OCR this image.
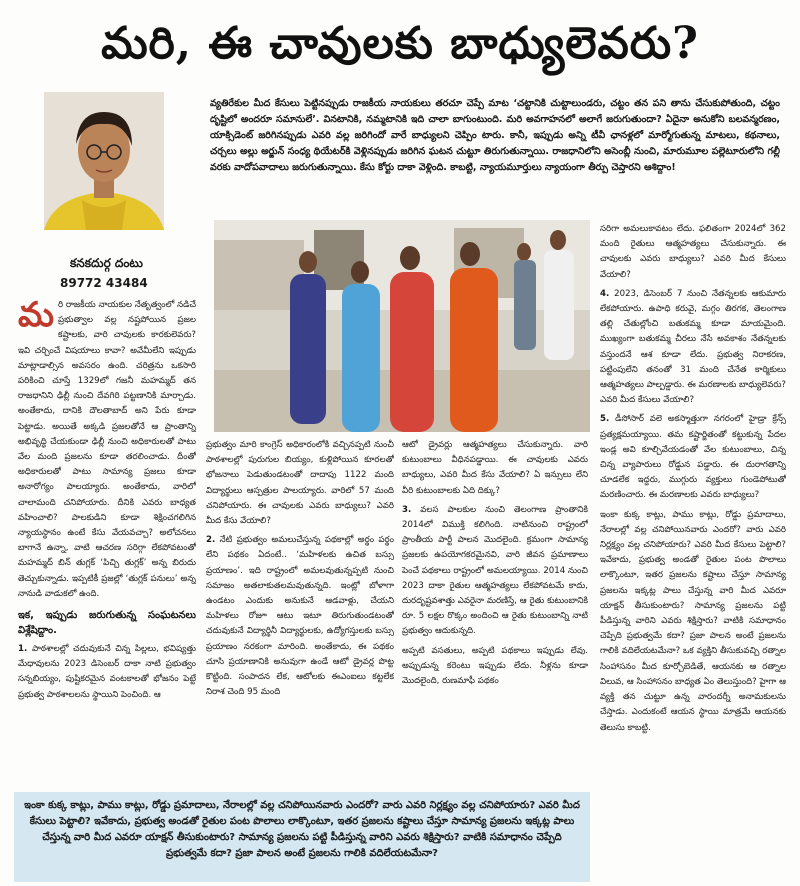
మరి, ఈ చావులకు బాధ్యులెవరు?
కనకదుర్గ దంటు
89772 43484
వ్యతిరేకుల మీద కేసులు పెట్టినప్పుడు రాజకీయ నాయకులు తరచూ చెప్పే మాట ‘చట్టానికి చుట్టాలుండరు, చట్టం తన పని తాను చేసుకుపోతుంది, చట్టం దృష్టిలో అందరూ సమానులే’. వినటానికి, నమ్మటానికి ఇది చాలా బాగుంటుంది. మరి అవగాహనలో అలాగే జరుగుతుందా? ఏదైనా అనుకోని బలవన్మరణం, యాక్సిడెంట్ జరిగినప్పుడు ఎవరి వల్ల జరిగిందో వారే బాధ్యులని చెప్పిం టారు. కానీ, ఇప్పుడు అన్ని టీవీ ఛానళ్లలో మార్మోగుతున్న మాటలు, కథనాలు, చర్చలు అల్లు అర్జున్ సంధ్య థియేటర్‌కి వెళ్లినప్పుడు జరిగిన ఘటన చుట్టూ తిరుగుతున్నాయి. రాజధానిలోని అసెంబ్లీ నుంచి, మారుమూల పల్లెటూరులోని గల్లీ వరకు వాదోపవాదాలు జరుగుతున్నాయి. కేసు కోర్టు దాకా వెళ్లింది. కాబట్టి, న్యాయమూర్తులు న్యాయంగా తీర్పు చెప్తారని ఆశిద్దాం!

మరి రాజకీయ నాయకుల నేతృత్వంలో నడిచే ప్రభుత్వాల వల్ల నష్టపోయిన ప్రజల కష్టాలకు, వారి చావులకు కారకులెవరు? ఇవి చర్చించే విషయాలు కావా? అవేమీలేని ఇప్పుడు మాట్లాడాల్సిన అవసరం ఉంది. చరిత్రను ఒకసారి పరికించి చూస్తే 1329లో గజనీ మహమ్మద్ తన రాజధానిని ఢిల్లీ నుంచి దేవగిరి పట్టణానికి మార్చాడు. అంతేకాదు, దానికి దౌలతాబాద్ అని పేరు కూడా పెట్టాడు. అయితే అక్కడి ప్రజలతోనే ఆ ప్రాంతాన్ని అభివృద్ధి చేయకుండా ఢిల్లీ నుంచి అధికారులతో పాటు వేల మంది ప్రజలను కూడా తరలించాడు. దీంతో అధికారులతో పాటు సామాన్య ప్రజలు కూడా అనారోగ్యం పాలయ్యారు. అంతేకాదు, వారిలో చాలామంది చనిపోయారు. దీనికి ఎవరు బాధ్యత వహించాలి? పాలకుడిని కూడా శిక్షించగలిగిన న్యాయస్థానం ఉంటే కేసు వేయవచ్చా? అలోచనలు బాగానే ఉన్నా, వాటి ఆచరణ సరిగ్గా లేకపోవటంతో మహమ్మద్ బిన్ తుగ్లక్ ‘పిచ్చి తుగ్లక్’ అన్న బిరుదు తెచ్చుకున్నాడు. ఇప్పటికీ ప్రజల్లో ‘తుగ్లక్ పనులు’ అన్న నానుడి వాడుకలో ఉంది.

ఇక, ఇప్పుడు జరుగుతున్న సంఘటనలు విశ్లేషిద్దాం.

1. పాఠశాలల్లో చదువుకునే చిన్న పిల్లలు, భవిష్యత్తు మేధావులను 2023 డిసెంబర్ దాకా నాటి ప్రభుత్వం సన్నబియ్యం, పుష్టికరమైన వంటకాలతో భోజనం పెట్టే ప్రభుత్వ పాఠశాలలను స్థాయిని పెంచింది. ఆ

ప్రభుత్వం మారి కాంగ్రెస్ అధికారంలోకి వచ్చినప్పటి నుంచీ పాఠశాలల్లో పురుగుల బియ్యం, కుళ్లిపోయిన కూరలతో భోజనాలు పెడుతుండటంతో దాదాపు 1122 మంది విద్యార్థులు ఆస్పత్రుల పాలయ్యారు. వారిలో 57 మంది చనిపోయారు. ఈ చావులకు ఎవరు బాధ్యులు? ఎవరి మీద కేసు వేయాలి?

2. నేటి ప్రభుత్వం అమలుచేస్తున్న పథకాల్లో అర్థం పర్థం లేని పథకం ఏదంటే.. ‘మహిళలకు ఉచిత బస్సు ప్రయాణం’. ఇది రాష్ట్రంలో అమలవుతున్నప్పటి నుంచి సమాజం అతలాకుతలమవుతున్నది. ఇంట్లో బోళాగా ఉండటం ఎందుకు అనుకునే ఆడవాళ్లు, చేయని మహిళలు రోజూ ఆటు ఇటూ తిరుగుతుండటంతో చదువుకునే విద్యార్థినీ విద్యార్థులకు, ఉద్యోగస్తులకు బస్సు ప్రయాణం నరకంగా మారింది. అంతేకాదు, ఈ పథకం చూసి ప్రయాణానికి అనువుగా ఉండే ఆటో డ్రైవర్ల పొట్ట కొట్టింది. సంపాదన లేక, ఆటోలకు ఈఎంఐలు కట్టలేక నిరాశ చెంది 95 మంది

ఆటో డ్రైవర్లు ఆత్మహత్యలు చేసుకున్నారు. వారి కుటుంబాలు వీధినపడ్డాయి. ఈ చావులకు ఎవరు బాధ్యులు, ఎవరి మీద కేసు వేయాలి? ఏ ఇన్సులు లేని వీరి కుటుంబాలకు ఏది దిక్కు?

3. వలస పాలకుల నుంచి తెలంగాణ ప్రాంతానికి 2014లో విముక్తి కలిగింది. నాటినుంచి రాష్ట్రంలో ప్రాంతీయ పార్టీ పాలన మొదలైంది. క్రమంగా సామాన్య ప్రజలకు ఉపయోగకరమైనవి, వారి జీవన ప్రమాణాలు పెంచే పథకాలు రాష్ట్రంలో అమలయ్యాయి. 2014 నుంచి 2023 దాకా రైతుల ఆత్మహత్యలు లేకపోవటమే కాదు, దురదృష్టవశాత్తు ఎవరైనా మరణిస్తే, ఆ రైతు కుటుంబానికి రూ. 5 లక్షల రొక్కం అందించి ఆ రైతు కుటుంబాన్ని నాటి ప్రభుత్వం ఆదుకున్నది.

అప్పటి వసతులు, అప్పటి పథకాలు ఇప్పుడు లేవు. అప్పుడున్న కరెంటు ఇప్పుడు లేదు. నీళ్లను కూడా మొదలైంది, రుణమాఫీ పథకం

సరిగా అమలుకావటం లేదు. ఫలితంగా 2024లో 362 మంది రైతులు ఆత్మహత్యలు చేసుకున్నారు. ఈ చావులకు ఎవరు బాధ్యులు? ఎవరి మీద కేసులు వేయాలి?

4. 2023, డిసెంబర్ 7 నుంచి నేతన్నలకు ఆకుమారు లేకపోయారు. ఉపాధి కరువై, మగ్గం తిరగక, తెలంగాణ తల్లి చేతుల్లోంచి బతుకమ్మ కూడా మాయమైంది. ముఖ్యంగా బతుకమ్మ చీరలు నేసే అవకాశం నేతన్నలకు వస్తుందనే ఆశ కూడా లేదు. ప్రభుత్వ నిరాకరణ, పట్టింపులేని తనంతో 31 మంది చేనేత కార్మికులు ఆత్మహత్యలు పాల్పడ్డారు. ఈ మరణాలకు బాధ్యులెవరు? ఎవరి మీద కేసులు వేయాలి?

5. డీసోసార్ వలె అకస్మాత్తుగా నగరంలో హైడ్రా క్రేన్స్ ప్రత్యక్షమయ్యాయి. తమ కష్టార్జితంతో కట్టుకున్న పేదల ఇండ్ల అవి కూల్చివేయడంతో వేల కుటుంబాలు, చిన్న చిన్న వ్యాపారులు రోడ్డున పడ్డారు. ఈ దురాగతాన్ని చూడలేక ఇద్దరు, ముగ్గురు వ్యక్తులు గుండెపోటుతో మరణించారు. ఈ మరణాలకు ఎవరు బాధ్యులు?

ఇంకా కుక్క కాట్లు, పాము కాట్లు, రోడ్డు ప్రమాదాలు, నేరాలల్లో వల్ల చనిపోయినవారు ఎందరో? వారు ఎవరి నిర్లక్ష్యం వల్ల చనిపోయారు? ఎవరి మీద కేసులు పెట్టాలి? ఇవేకాదు, ప్రభుత్వ అండతో రైతుల పంట పొలాలు లాక్కొంటూ, ఇతర ప్రజలను కష్టాలు చేస్తూ సామాన్య ప్రజలను ఇక్కట్ల పాలు చేస్తున్న వారి మీద ఎవరూ యాక్షన్ తీసుకుంటారు? సామాన్య ప్రజలను పట్టి పీడిస్తున్న వారిని ఎవరు శిక్షిస్తారు? వాటికి సమాధానం చెప్పేది ప్రభుత్వమే కదా? ప్రజా పాలన అంటే ప్రజలను గాలికి వదిలేయటమేనా? ఒక వ్యక్తిని తీసుకువచ్చి రత్నాల సింహాసనం మీద కూర్చోబెడితే, ఆయనకు ఆ రత్నాల విలువ, ఆ సింహాసనం బాధ్యత ఏం తెలుస్తుంది? హైగా ఆ వ్యక్తి తన చుట్టూ ఉన్న వారందర్నీ అనామకులను చేస్తాడు. ఎందుకంటే ఆయన స్థాయి మాత్రమే ఆయనకు తెలుసు కాబట్టి.

ఇంకా కుక్క కాట్లు, పాము కాట్లు, రోడ్డు ప్రమాదాలు, నేరాలల్లో వల్ల చనిపోయినవారు ఎందరో? వారు ఎవరి నిర్లక్ష్యం వల్ల చనిపోయారు? ఎవరి మీద కేసులు పెట్టాలి? ఇవేకాదు, ప్రభుత్వ అండతో రైతుల పంట పొలాలు లాక్కొంటూ, ఇతర ప్రజలను కష్టాలు చేస్తూ సామాన్య ప్రజలను ఇక్కట్ల పాలు చేస్తున్న వారి మీద ఎవరూ యాక్షన్ తీసుకుంటారు? సామాన్య ప్రజలను పట్టి పీడిస్తున్న వారిని ఎవరు శిక్షిస్తారు? వాటికి సమాధానం చెప్పేది ప్రభుత్వమే కదా? ప్రజా పాలన అంటే ప్రజలను గాలికి వదిలేయటమేనా?
